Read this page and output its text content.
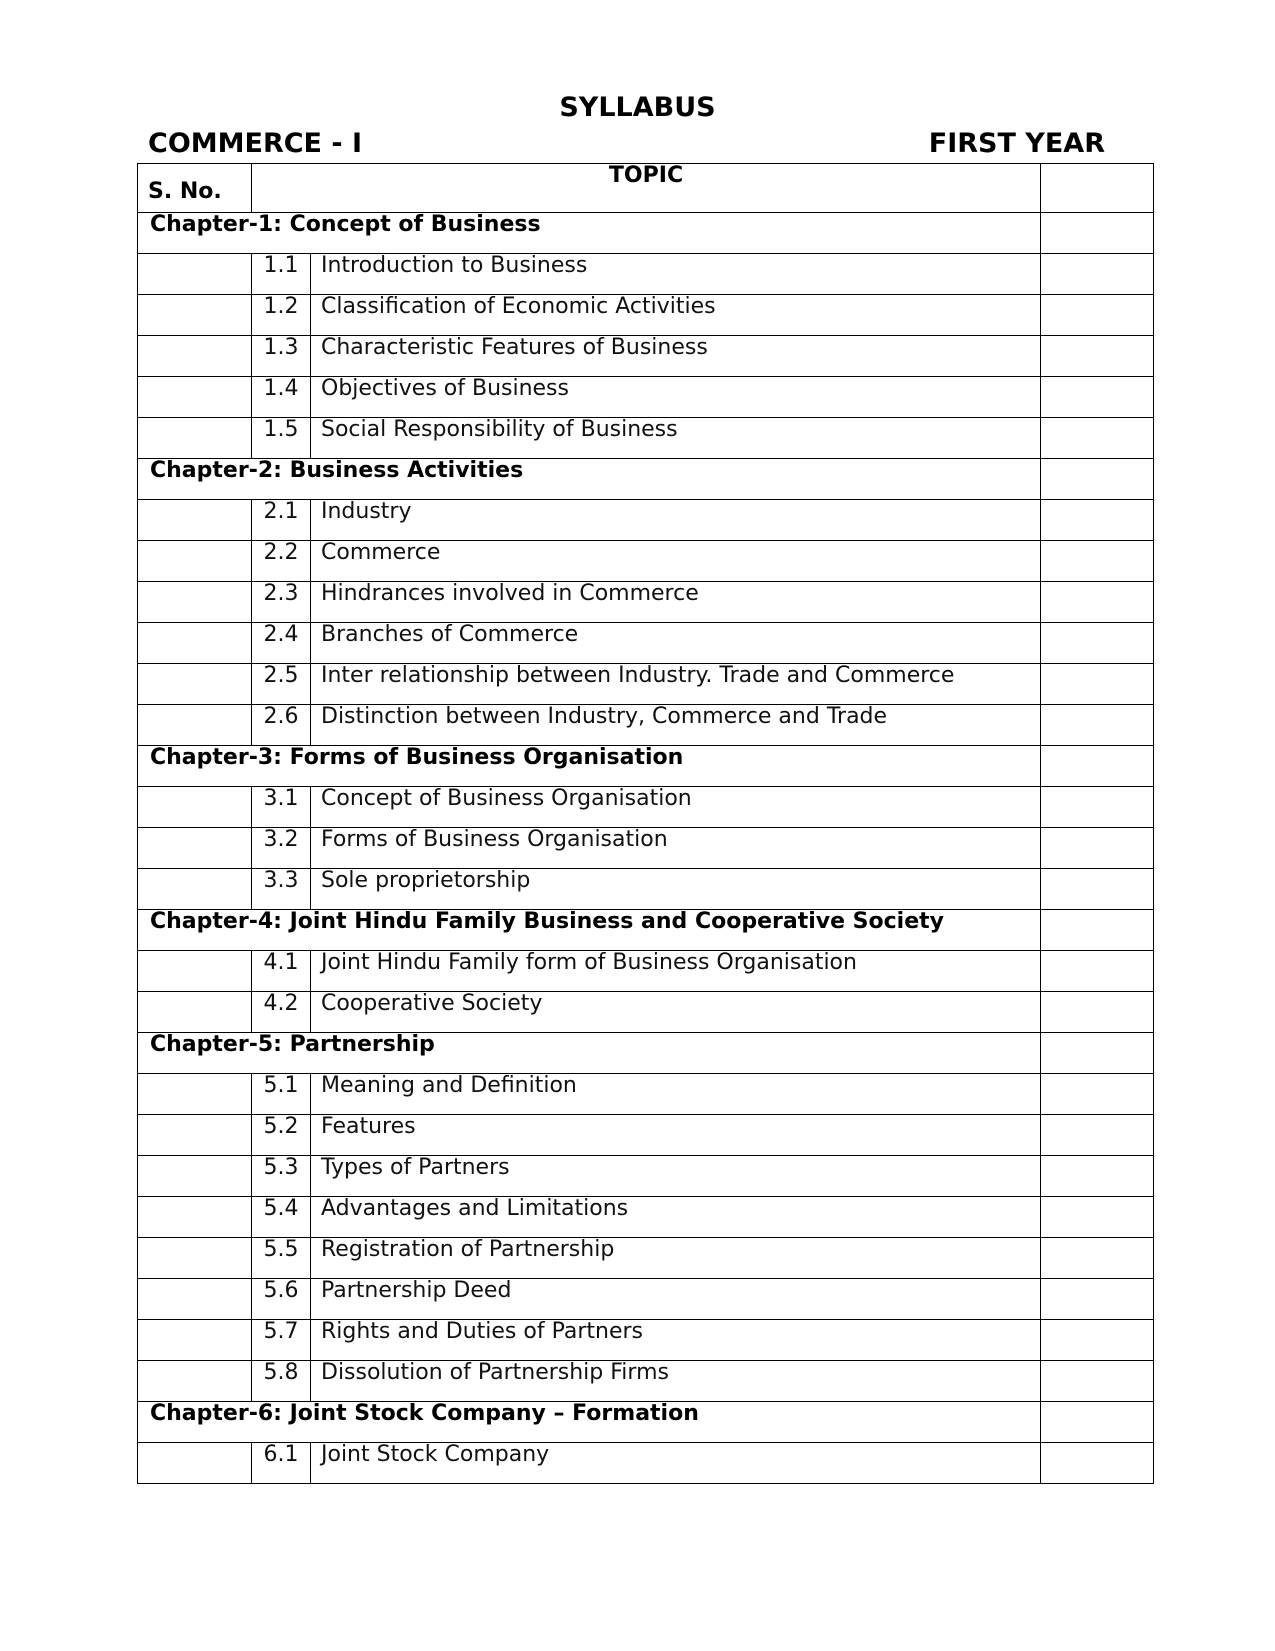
SYLLABUS
COMMERCE - I	FIRST YEAR
S. No.	TOPIC		
Chapter-1: Concept of Business			
	1.1	Introduction to Business	
	1.2	Classification of Economic Activities	
	1.3	Characteristic Features of Business	
	1.4	Objectives of Business	
	1.5	Social Responsibility of Business	
Chapter-2: Business Activities			
	2.1	Industry	
	2.2	Commerce	
	2.3	Hindrances involved in Commerce	
	2.4	Branches of Commerce	
	2.5	Inter relationship between Industry. Trade and Commerce	
	2.6	Distinction between Industry, Commerce and Trade	
Chapter-3: Forms of Business Organisation			
	3.1	Concept of Business Organisation	
	3.2	Forms of Business Organisation	
	3.3	Sole proprietorship	
Chapter-4: Joint Hindu Family Business and Cooperative Society			
	4.1	Joint Hindu Family form of Business Organisation	
	4.2	Cooperative Society	
Chapter-5: Partnership			
	5.1	Meaning and Definition	
	5.2	Features	
	5.3	Types of Partners	
	5.4	Advantages and Limitations	
	5.5	Registration of Partnership	
	5.6	Partnership Deed	
	5.7	Rights and Duties of Partners	
	5.8	Dissolution of Partnership Firms	
Chapter-6: Joint Stock Company – Formation			
	6.1	Joint Stock Company	
